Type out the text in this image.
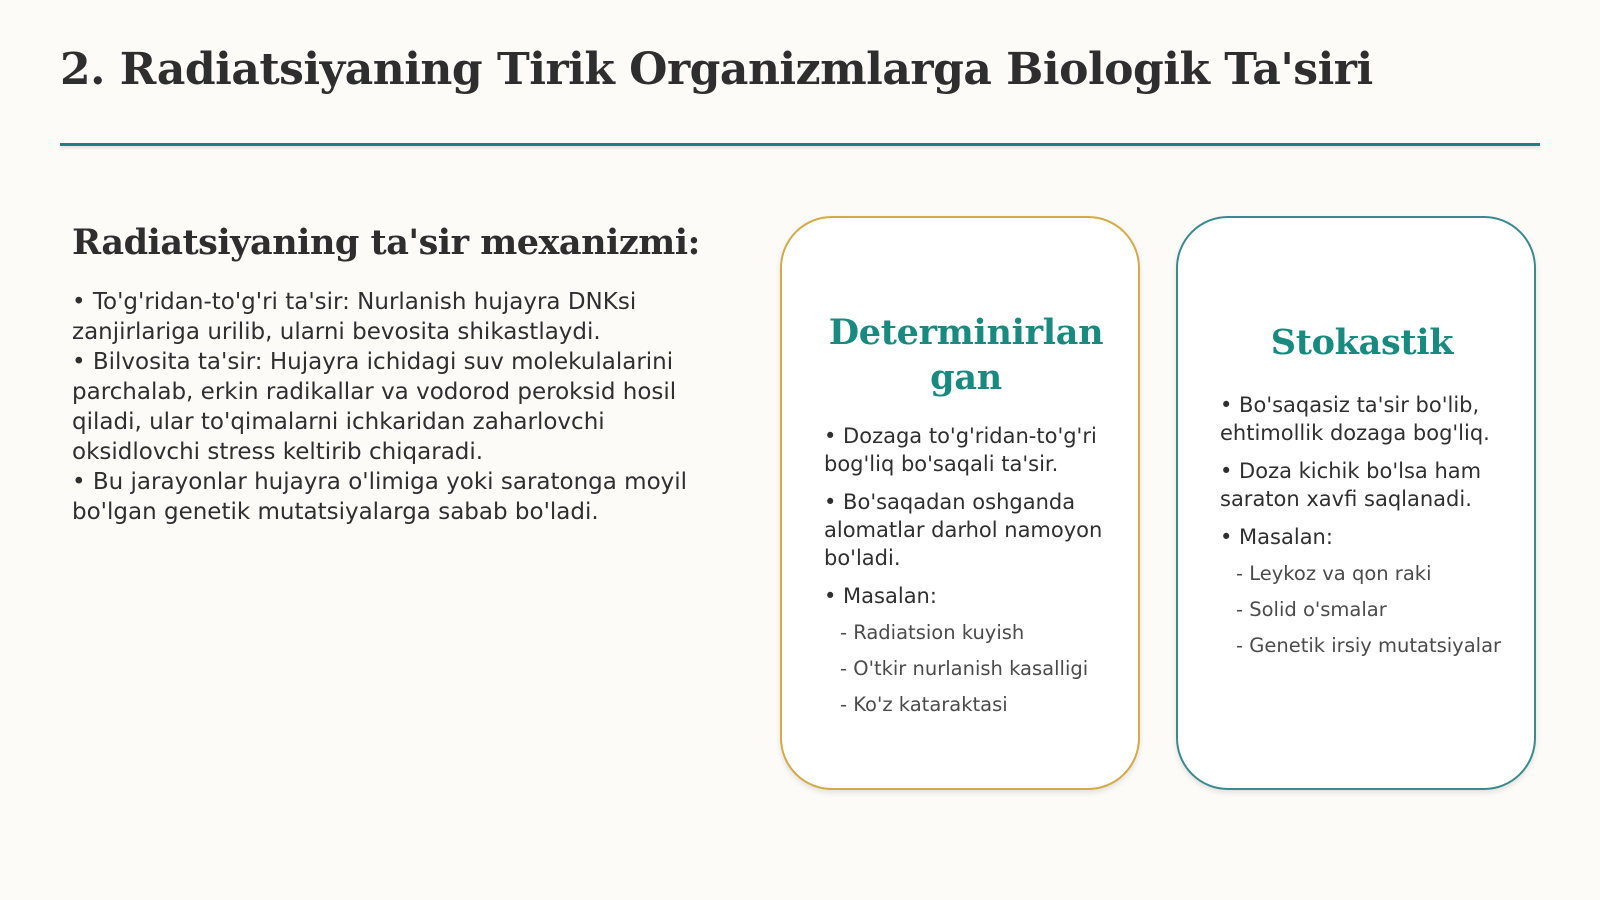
2. Radiatsiyaning Tirik Organizmlarga Biologik Ta'siri
Radiatsiyaning ta'sir mexanizmi:

• To'g'ridan-to'g'ri ta'sir: Nurlanish hujayra DNKsi zanjirlariga urilib, ularni bevosita shikastlaydi.

• Bilvosita ta'sir: Hujayra ichidagi suv molekulalarini parchalab, erkin radikallar va vodorod peroksid hosil qiladi, ular to'qimalarni ichkaridan zaharlovchi oksidlovchi stress keltirib chiqaradi.

• Bu jarayonlar hujayra o'limiga yoki saratonga moyil bo'lgan genetik mutatsiyalarga sabab bo'ladi.

Determinirlan
gan

• Dozaga to'g'ridan-to'g'ri bog'liq bo'saqali ta'sir.

• Bo'saqadan oshganda alomatlar darhol namoyon bo'ladi.

• Masalan:

- Radiatsion kuyish

- O'tkir nurlanish kasalligi

- Ko'z kataraktasi

Stokastik

• Bo'saqasiz ta'sir bo'lib, ehtimollik dozaga bog'liq.

• Doza kichik bo'lsa ham saraton xavfi saqlanadi.

• Masalan:

- Leykoz va qon raki

- Solid o'smalar

- Genetik irsiy mutatsiyalar
